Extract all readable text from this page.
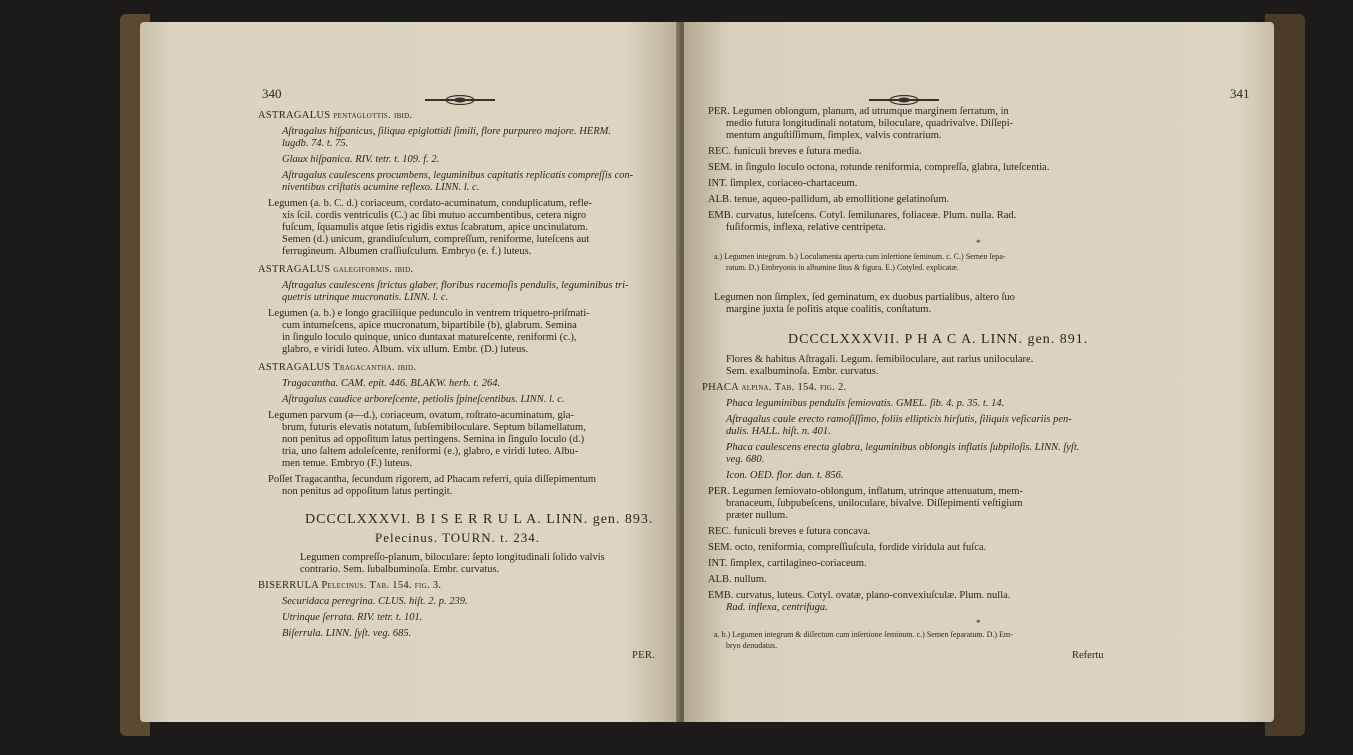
340
DCCCLXXXVI. B I S E R R U L A. LINN. gen. 893.
Pelecinus. TOURN. t. 234.
ASTRAGALUS pentaglottis. ibid.
Aſtragalus hiſpanicus, ſiliqua epiglottidi ſimili, flore purpureo majore. HERM.
lugdb. 74. t. 75.
Glaux hiſpanica. RIV. tetr. t. 109. f. 2.
Aſtragalus caulescens procumbens, leguminibus capitatis replicatis compreſſis con-
niventibus criſtatis acumine reflexo. LINN. l. c.
Legumen (a. b. C. d.) coriaceum, cordato-acuminatum, conduplicatum, refle-
xis ſcil. cordis ventriculis (C.) ac ſibi mutuo accumbentibus, cetera nigro
fuſcum, ſquamulis atque ſetis rigidis extus ſcabratum, apice uncinulatum.
Semen (d.) unicum, grandiuſculum, compreſſum, reniforme, luteſcens aut
ferrugineum. Albumen craſſiuſculum. Embryo (e. f.) luteus.
ASTRAGALUS galegiformis. ibid.
Aſtragalus caulescens ſtrictus glaber, floribus racemoſis pendulis, leguminibus tri-
quetris utrinque mucronatis. LINN. l. c.
Legumen (a. b.) e longo graciliique pedunculo in ventrem triquetro-priſmati-
cum intumeſcens, apice mucronatum, bipartibile (b), glabrum. Semina
in ſingulo loculo quinque, unico duntaxat matureſcente, reniformi (c.),
glabro, e viridi luteo. Album. vix ullum. Embr. (D.) luteus.
ASTRAGALUS Tragacantha. ibid.
Tragacantha. CAM. epit. 446. BLAKW. herb. t. 264.
Aſtragalus caudice arboreſcente, petiolis ſpineſcentibus. LINN. l. c.
Legumen parvum (a—d.), coriaceum, ovatum, roſtrato-acuminatum, gla-
brum, futuris elevatis notatum, ſubſemibiloculare. Septum bilamellatum,
non penitus ad oppoſitum latus pertingens. Semina in ſingulo loculo (d.)
tria, uno ſaltem adoleſcente, reniformi (e.), glabro, e viridi luteo. Albu-
men tenue. Embryo (F.) luteus.
Poſſet Tragacantha, ſecundum rigorem, ad Phacam referri, quia diſſepimentum
non penitus ad oppoſitum latus pertingit.
Legumen compreſſo-planum, biloculare: ſepto longitudinali ſolido valvis
contrario. Sem. ſubalbuminoſa. Embr. curvatus.
BISERRULA Pelecinus. Tab. 154. fig. 3.
Securidaca peregrina. CLUS. hiſt. 2. p. 239.
Utrinque ſerrata. RIV. tetr. t. 101.
Biſerrula. LINN. ſyſt. veg. 685.
PER.
341
*
a.) Legumen integrum. b.) Loculamenta aperta cum inſertione ſeminum. c. C.) Semen ſepa-
ratum. D.) Embryonis in albumine ſitus & figura. E.) Cotyled. explicatæ.
DCCCLXXXVII. P H A C A. LINN. gen. 891.
*
a. b.) Legumen integrum & diſſectum cum inſertione ſeminum. c.) Semen ſeparatum. D.) Em-
bryo denudatus.
PER. Legumen oblongum, planum, ad utrumque marginem ſerratum, in
medio futura longitudinali notatum, biloculare, quadrivalve. Diſſepi-
mentum anguſtiſſimum, ſimplex, valvis contrarium.
REC. funiculi breves e ſutura media.
SEM. in ſingulo loculo octona, rotunde reniformia, compreſſa, glabra, luteſcentia.
INT. ſimplex, coriaceo-chartaceum.
ALB. tenue, aqueo-pallidum, ab emollitione gelatinoſum.
EMB. curvatus, luteſcens. Cotyl. ſemilunares, foliaceæ. Plum. nulla. Rad.
fuſiformis, inflexa, relative centripeta.
Legumen non ſimplex, ſed geminatum, ex duobus partialibus, altero ſuo
margine juxta ſe poſitis atque coalitis, conſtatum.
Flores & habitus Aſtragali. Legum. ſemibiloculare, aut rarius uniloculare.
Sem. exalbuminoſa. Embr. curvatus.
PHACA alpina. Tab. 154. fig. 2.
Phaca leguminibus pendulis ſemiovatis. GMEL. ſib. 4. p. 35. t. 14.
Aſtragalus caule erecto ramoſiſſimo, foliis ellipticis hirſutis, ſiliquis veſicariis pen-
dulis. HALL. hiſt. n. 401.
Phaca caulescens erecta glabra, leguminibus oblongis inflatis ſubpiloſis. LINN. ſyſt.
veg. 680.
Icon. OED. flor. dan. t. 856.
PER. Legumen ſemiovato-oblongum, inflatum, utrinque attenuatum, mem-
branaceum, ſubpubeſcens, uniloculare, bivalve. Diſſepimenti veſtigium
præter nullum.
REC. funiculi breves e ſutura concava.
SEM. octo, reniformia, compreſſiuſcula, fordide viridula aut fuſca.
INT. ſimplex, cartilagineo-coriaceum.
ALB. nullum.
EMB. curvatus, luteus. Cotyl. ovatæ, plano-convexiuſculæ. Plum. nulla.
Rad. inflexa, centrifuga.
Refertu
